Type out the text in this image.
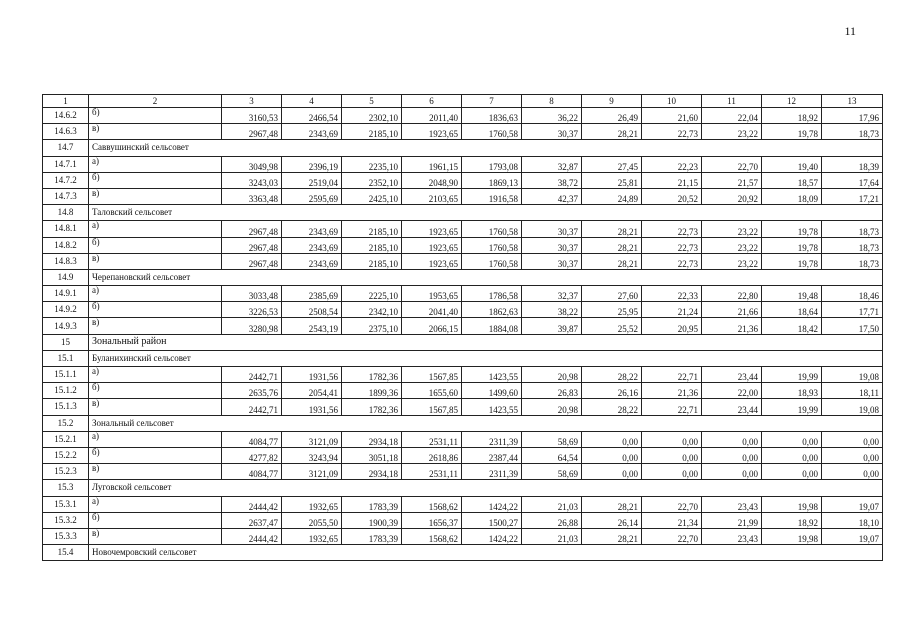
11
1	2	3	4	5	6	7	8	9	10	11	12	13
14.6.2	б)	3160,53	2466,54	2302,10	2011,40	1836,63	36,22	26,49	21,60	22,04	18,92	17,96
14.6.3	в)	2967,48	2343,69	2185,10	1923,65	1760,58	30,37	28,21	22,73	23,22	19,78	18,73
14.7	Саввушинский сельсовет											
14.7.1	а)	3049,98	2396,19	2235,10	1961,15	1793,08	32,87	27,45	22,23	22,70	19,40	18,39
14.7.2	б)	3243,03	2519,04	2352,10	2048,90	1869,13	38,72	25,81	21,15	21,57	18,57	17,64
14.7.3	в)	3363,48	2595,69	2425,10	2103,65	1916,58	42,37	24,89	20,52	20,92	18,09	17,21
14.8	Таловский сельсовет											
14.8.1	а)	2967,48	2343,69	2185,10	1923,65	1760,58	30,37	28,21	22,73	23,22	19,78	18,73
14.8.2	б)	2967,48	2343,69	2185,10	1923,65	1760,58	30,37	28,21	22,73	23,22	19,78	18,73
14.8.3	в)	2967,48	2343,69	2185,10	1923,65	1760,58	30,37	28,21	22,73	23,22	19,78	18,73
14.9	Черепановский сельсовет											
14.9.1	а)	3033,48	2385,69	2225,10	1953,65	1786,58	32,37	27,60	22,33	22,80	19,48	18,46
14.9.2	б)	3226,53	2508,54	2342,10	2041,40	1862,63	38,22	25,95	21,24	21,66	18,64	17,71
14.9.3	в)	3280,98	2543,19	2375,10	2066,15	1884,08	39,87	25,52	20,95	21,36	18,42	17,50
15	Зональный район											
15.1	Буланихинский сельсовет											
15.1.1	а)	2442,71	1931,56	1782,36	1567,85	1423,55	20,98	28,22	22,71	23,44	19,99	19,08
15.1.2	б)	2635,76	2054,41	1899,36	1655,60	1499,60	26,83	26,16	21,36	22,00	18,93	18,11
15.1.3	в)	2442,71	1931,56	1782,36	1567,85	1423,55	20,98	28,22	22,71	23,44	19,99	19,08
15.2	Зональный сельсовет											
15.2.1	а)	4084,77	3121,09	2934,18	2531,11	2311,39	58,69	0,00	0,00	0,00	0,00	0,00
15.2.2	б)	4277,82	3243,94	3051,18	2618,86	2387,44	64,54	0,00	0,00	0,00	0,00	0,00
15.2.3	в)	4084,77	3121,09	2934,18	2531,11	2311,39	58,69	0,00	0,00	0,00	0,00	0,00
15.3	Луговской сельсовет											
15.3.1	а)	2444,42	1932,65	1783,39	1568,62	1424,22	21,03	28,21	22,70	23,43	19,98	19,07
15.3.2	б)	2637,47	2055,50	1900,39	1656,37	1500,27	26,88	26,14	21,34	21,99	18,92	18,10
15.3.3	в)	2444,42	1932,65	1783,39	1568,62	1424,22	21,03	28,21	22,70	23,43	19,98	19,07
15.4	Новочемровский сельсовет											
